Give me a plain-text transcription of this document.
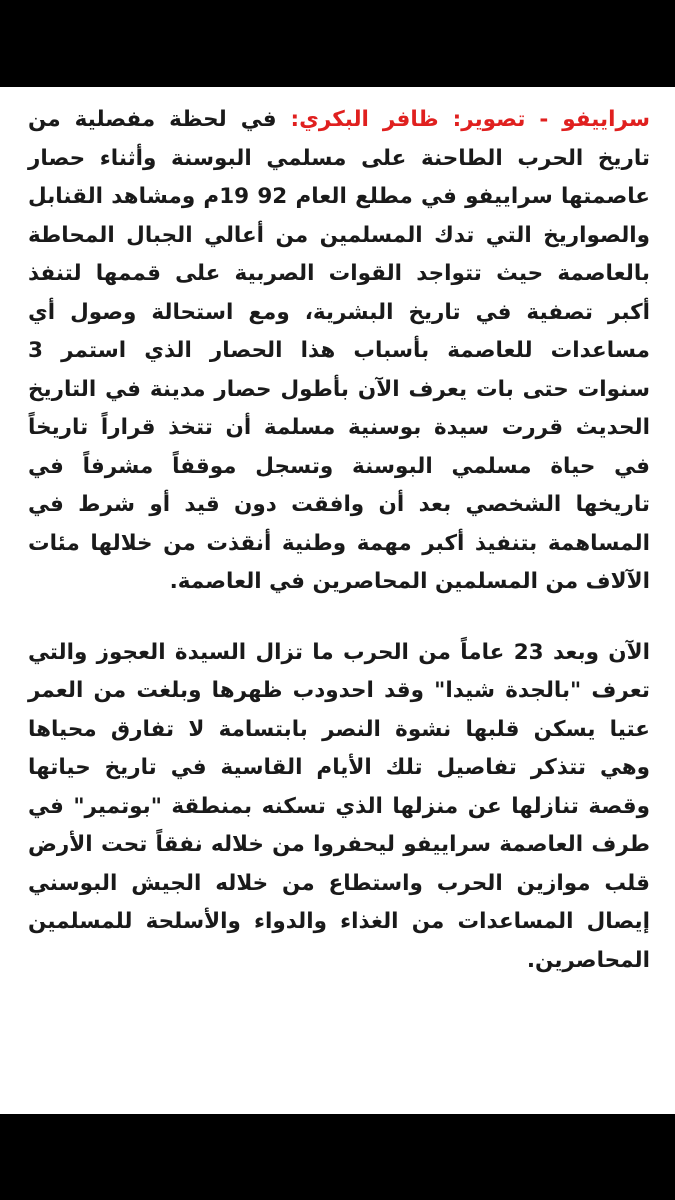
سراييفو - تصوير: ظافر البكري: في لحظة مفصلية من تاريخ الحرب الطاحنة على مسلمي البوسنة وأثناء حصار عاصمتها سراييفو في مطلع العام 92 19م ومشاهد القنابل والصواريخ التي تدك المسلمين من أعالي الجبال المحاطة بالعاصمة حيث تتواجد القوات الصربية على قممها لتنفذ أكبر تصفية في تاريخ البشرية، ومع استحالة وصول أي مساعدات للعاصمة بأسباب هذا الحصار الذي استمر 3 سنوات حتى بات يعرف الآن بأطول حصار مدينة في التاريخ الحديث قررت سيدة بوسنية مسلمة أن تتخذ قراراً تاريخاً في حياة مسلمي البوسنة وتسجل موقفاً مشرفاً في تاريخها الشخصي بعد أن وافقت دون قيد أو شرط في المساهمة بتنفيذ أكبر مهمة وطنية أنقذت من خلالها مئات الآلاف من المسلمين المحاصرين في العاصمة.

الآن وبعد 23 عاماً من الحرب ما تزال السيدة العجوز والتي تعرف "بالجدة شيدا" وقد احدودب ظهرها وبلغت من العمر عتيا يسكن قلبها نشوة النصر بابتسامة لا تفارق محياها وهي تتذكر تفاصيل تلك الأيام القاسية في تاريخ حياتها وقصة تنازلها عن منزلها الذي تسكنه بمنطقة "بوتمير" في طرف العاصمة سراييفو ليحفروا من خلاله نفقاً تحت الأرض قلب موازين الحرب واستطاع من خلاله الجيش البوسني إيصال المساعدات من الغذاء والدواء والأسلحة للمسلمين المحاصرين.
